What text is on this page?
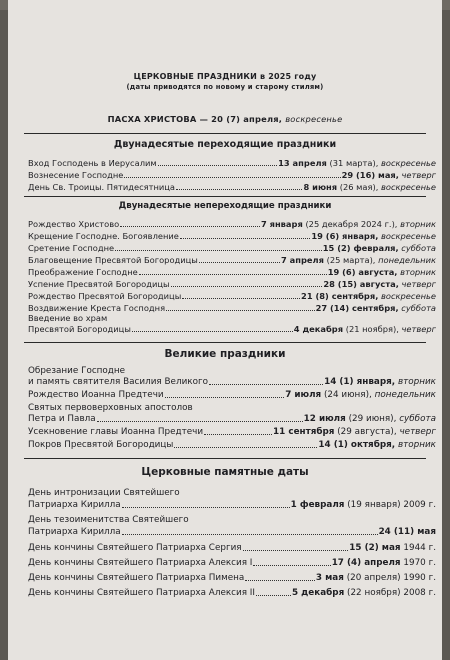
ЦЕРКОВНЫЕ ПРАЗДНИКИ в 2025 году
(даты приводятся по новому и старому стилям)
ПАСХА ХРИСТОВА — 20 (7) апреля, воскресенье
Двунадесятые переходящие праздники
Вход Господень в Иерусалим	13 апреля (31 марта), воскресенье
Вознесение Господне	29 (16) мая, четверг
День Св. Троицы. Пятидесятница	8 июня (26 мая), воскресенье
Двунадесятые непереходящие праздники
Рождество Христово	7 января (25 декабря 2024 г.), вторник
Крещение Господне. Богоявление	19 (6) января, воскресенье
Сретение Господне	15 (2) февраля, суббота
Благовещение Пресвятой Богородицы	7 апреля (25 марта), понедельник
Преображение Господне	19 (6) августа, вторник
Успение Пресвятой Богородицы	28 (15) августа, четверг
Рождество Пресвятой Богородицы	21 (8) сентября, воскресенье
Воздвижение Креста Господня	27 (14) сентября, суббота
Введение во храм
Пресвятой Богородицы	4 декабря (21 ноября), четверг
Великие праздники
Обрезание Господне
и память святителя Василия Великого	14 (1) января, вторник
Рождество Иоанна Предтечи	7 июля (24 июня), понедельник
Святых первоверховных апостолов
Петра и Павла	12 июля (29 июня), суббота
Усекновение главы Иоанна Предтечи	11 сентября (29 августа), четверг
Покров Пресвятой Богородицы	14 (1) октября, вторник
Церковные памятные даты
День интронизации Святейшего
Патриарха Кирилла	1 февраля (19 января) 2009 г.
День тезоименитства Святейшего
Патриарха Кирилла	24 (11) мая
День кончины Святейшего Патриарха Сергия	15 (2) мая 1944 г.
День кончины Святейшего Патриарха Алексия I	17 (4) апреля 1970 г.
День кончины Святейшего Патриарха Пимена	3 мая (20 апреля) 1990 г.
День кончины Святейшего Патриарха Алексия II	5 декабря (22 ноября) 2008 г.
